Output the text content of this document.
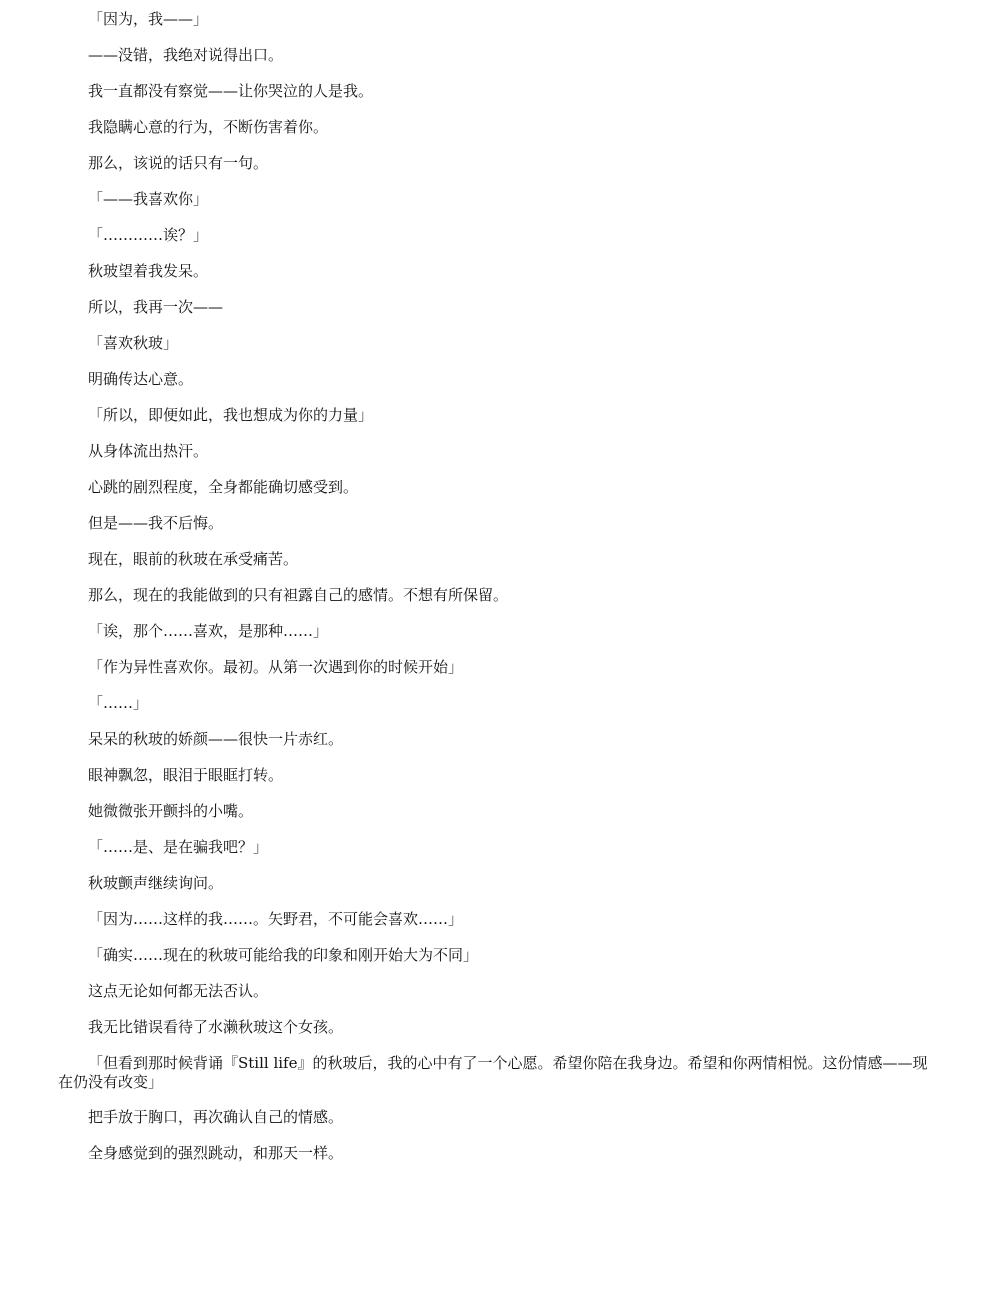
「因为，我——」

——没错，我绝对说得出口。

我一直都没有察觉——让你哭泣的人是我。

我隐瞒心意的行为，不断伤害着你。

那么，该说的话只有一句。

「——我喜欢你」

「…………诶？」

秋玻望着我发呆。

所以，我再一次——

「喜欢秋玻」

明确传达心意。

「所以，即便如此，我也想成为你的力量」

从身体流出热汗。

心跳的剧烈程度，全身都能确切感受到。

但是——我不后悔。

现在，眼前的秋玻在承受痛苦。

那么，现在的我能做到的只有袒露自己的感情。不想有所保留。

「诶，那个……喜欢，是那种……」

「作为异性喜欢你。最初。从第一次遇到你的时候开始」

「……」

呆呆的秋玻的娇颜——很快一片赤红。

眼神飘忽，眼泪于眼眶打转。

她微微张开颤抖的小嘴。

「……是、是在骗我吧？」

秋玻颤声继续询问。

「因为……这样的我……。矢野君，不可能会喜欢……」

「确实……现在的秋玻可能给我的印象和刚开始大为不同」

这点无论如何都无法否认。

我无比错误看待了水濑秋玻这个女孩。

「但看到那时候背诵『Still life』的秋玻后，我的心中有了一个心愿。希望你陪在我身边。希望和你两情相悦。这份情感——现在仍没有改变」

把手放于胸口，再次确认自己的情感。

全身感觉到的强烈跳动，和那天一样。
